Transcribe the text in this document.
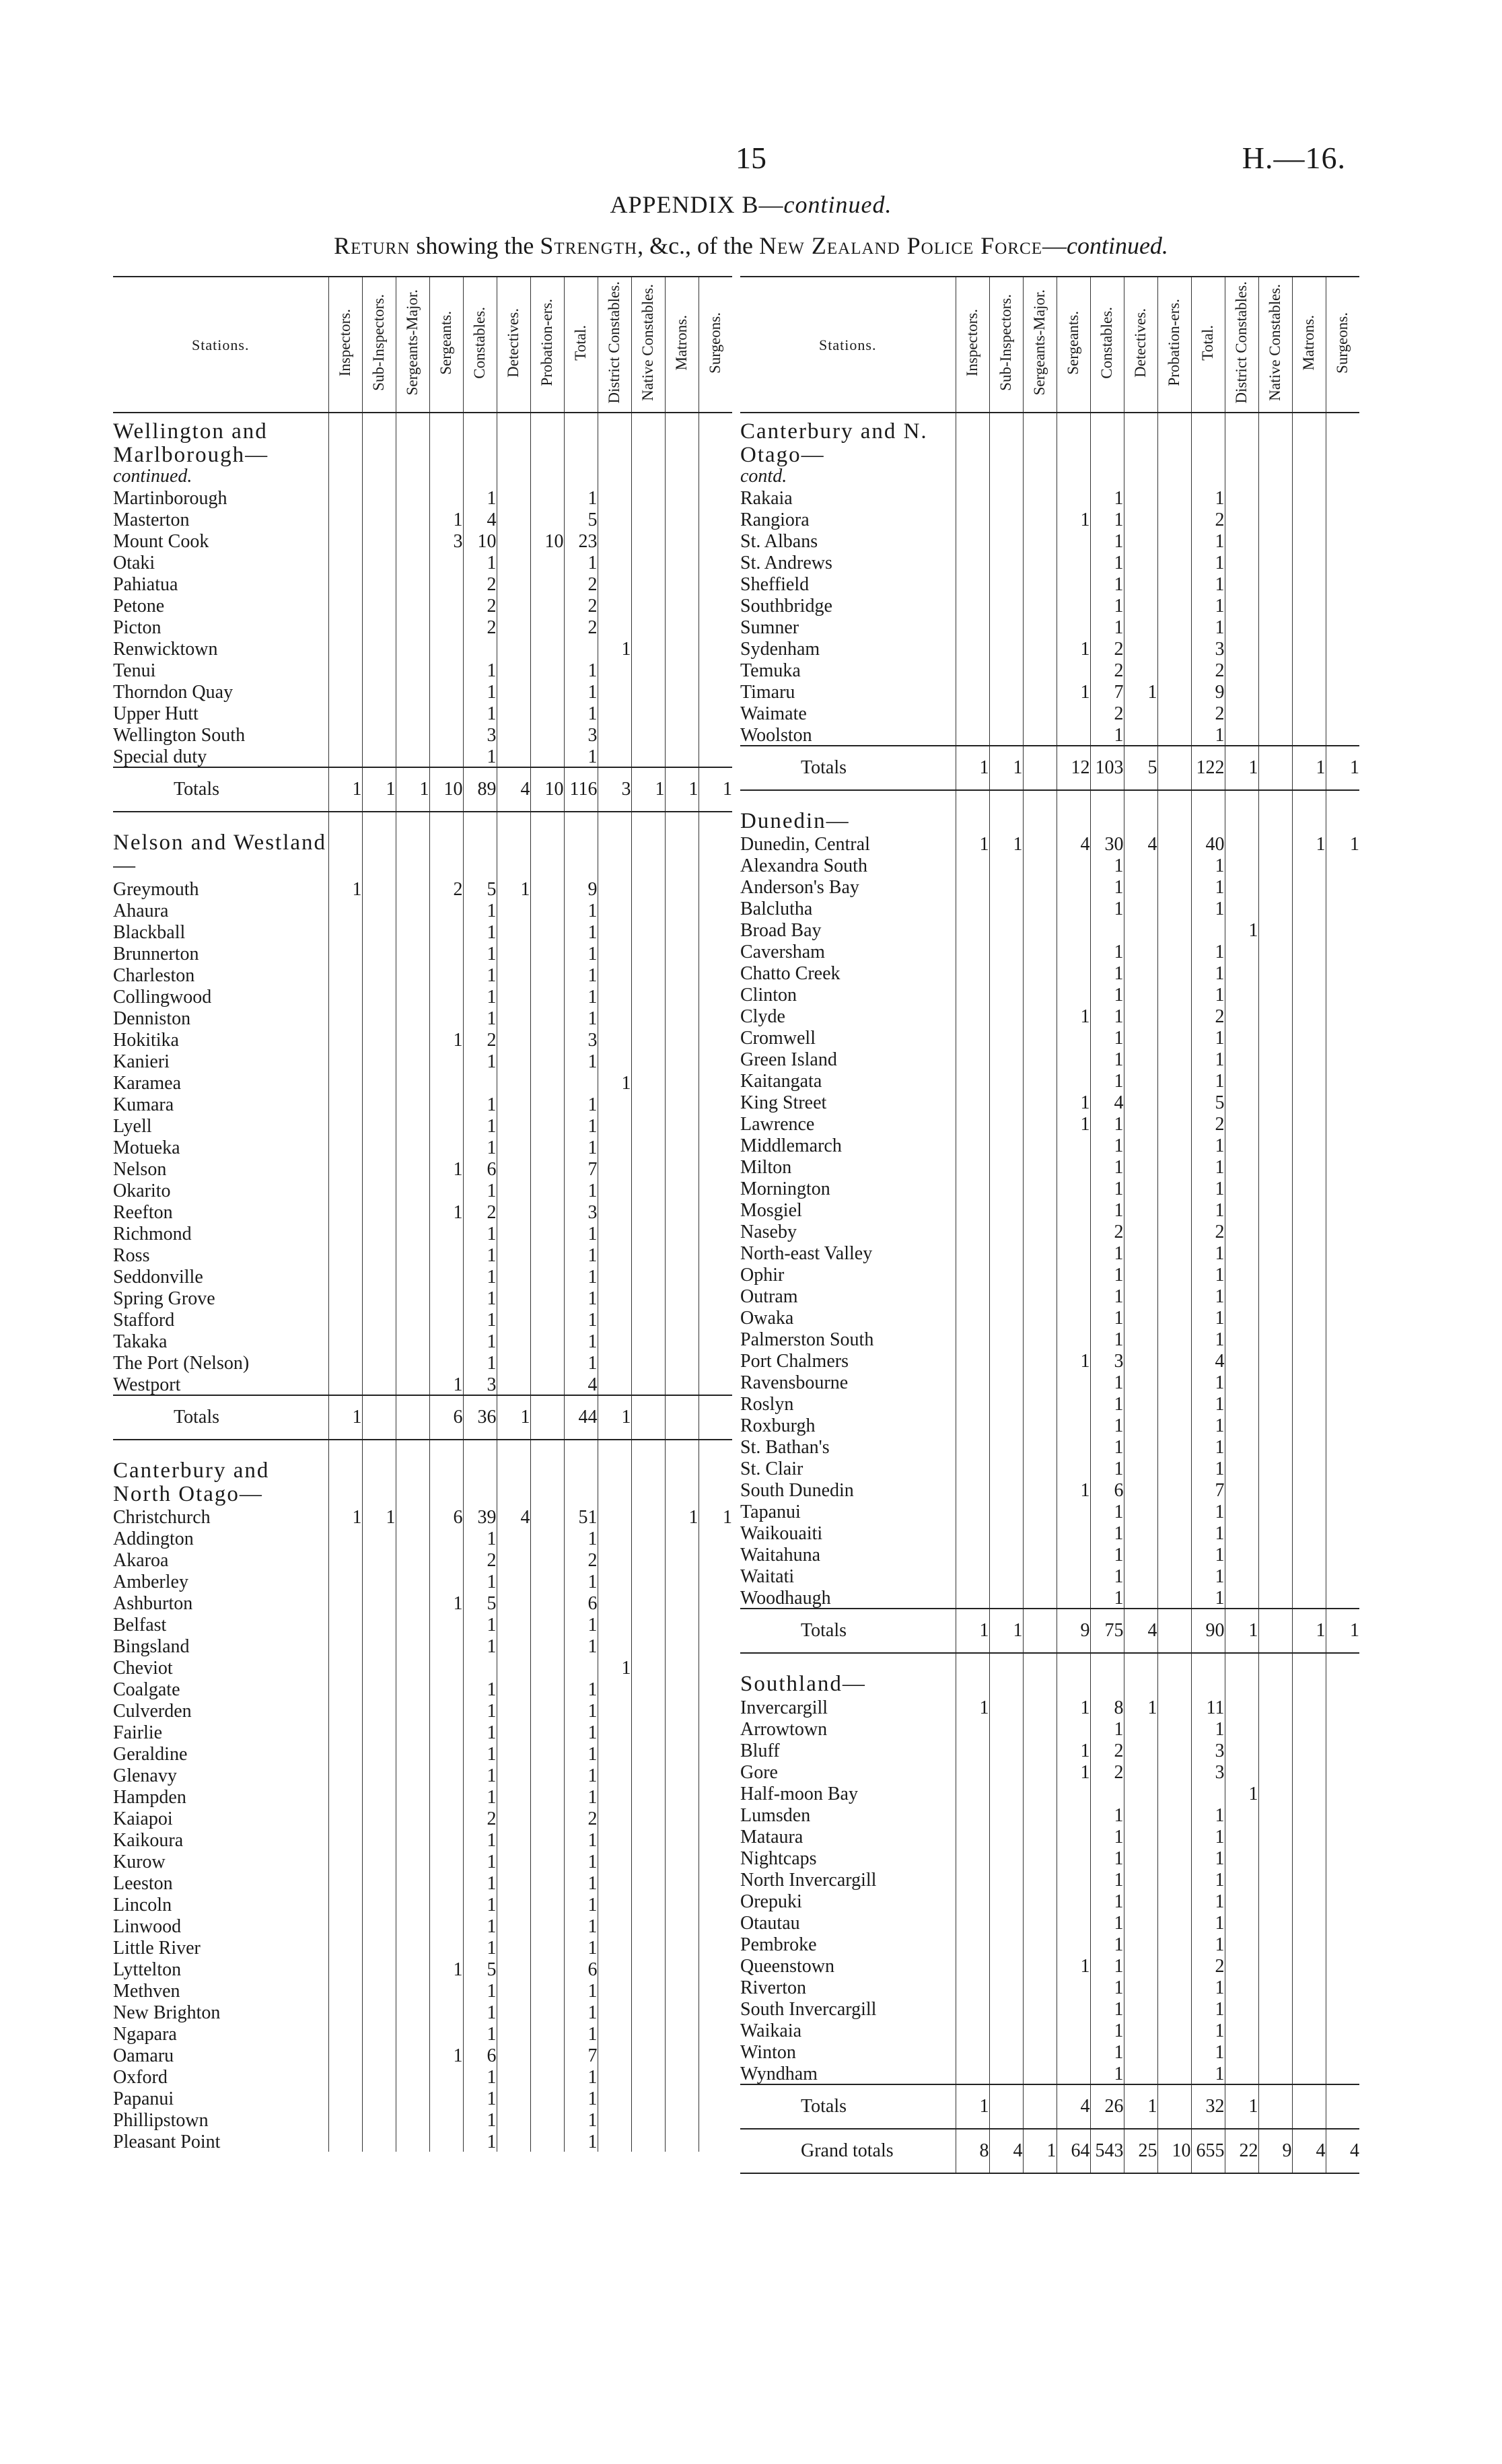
15	H.—16.
APPENDIX B—continued.
Return showing the Strength, &c., of the New Zealand Police Force—continued.
Stations.	Inspectors.	Sub-Inspectors.	Sergeants-Major.	Sergeants.	Constables.	Detectives.	Probation-ers.	Total.	District Constables.	Native Constables.	Matrons.	Surgeons.
Wellington and Marlborough—
continued.												

Martinborough					1			1				
Masterton				1	4			5				
Mount Cook				3	10		10	23				
Otaki					1			1				
Pahiatua					2			2				
Petone					2			2				
Picton					2			2				
Renwicktown									1			
Tenui					1			1				
Thorndon Quay					1			1				
Upper Hutt					1			1				
Wellington South					3			3				
Special duty					1			1				
Totals	1	1	1	10	89	4	10	116	3	1	1	1

Nelson and Westland—												
Greymouth	1			2	5	1		9				
Ahaura					1			1				
Blackball					1			1				
Brunnerton					1			1				
Charleston					1			1				
Collingwood					1			1				
Denniston					1			1				
Hokitika				1	2			3				
Kanieri					1			1				
Karamea									1			
Kumara					1			1				
Lyell					1			1				
Motueka					1			1				
Nelson				1	6			7				
Okarito					1			1				
Reefton				1	2			3				
Richmond					1			1				
Ross					1			1				
Seddonville					1			1				
Spring Grove					1			1				
Stafford					1			1				
Takaka					1			1				
The Port (Nelson)					1			1				
Westport				1	3			4				
Totals	1			6	36	1		44	1			

Canterbury and North Otago—												
Christchurch	1	1		6	39	4		51			1	1
Addington					1			1				
Akaroa					2			2				
Amberley					1			1				
Ashburton				1	5			6				
Belfast					1			1				
Bingsland					1			1				
Cheviot									1			
Coalgate					1			1				
Culverden					1			1				
Fairlie					1			1				
Geraldine					1			1				
Glenavy					1			1				
Hampden					1			1				
Kaiapoi					2			2				
Kaikoura					1			1				
Kurow					1			1				
Leeston					1			1				
Lincoln					1			1				
Linwood					1			1				
Little River					1			1				
Lyttelton				1	5			6				
Methven					1			1				
New Brighton					1			1				
Ngapara					1			1				
Oamaru				1	6			7				
Oxford					1			1				
Papanui					1			1				
Phillipstown					1			1				
Pleasant Point					1			1				
Stations.	Inspectors.	Sub-Inspectors.	Sergeants-Major.	Sergeants.	Constables.	Detectives.	Probation-ers.	Total.	District Constables.	Native Constables.	Matrons.	Surgeons.
Canterbury and N. Otago—
contd.												

Rakaia					1			1				
Rangiora				1	1			2				
St. Albans					1			1				
St. Andrews					1			1				
Sheffield					1			1				
Southbridge					1			1				
Sumner					1			1				
Sydenham				1	2			3				
Temuka					2			2				
Timaru				1	7	1		9				
Waimate					2			2				
Woolston					1			1				
Totals	1	1		12	103	5		122	1		1	1

Dunedin—												
Dunedin, Central	1	1		4	30	4		40			1	1
Alexandra South					1			1				
Anderson's Bay					1			1				
Balclutha					1			1				
Broad Bay									1			
Caversham					1			1				
Chatto Creek					1			1				
Clinton					1			1				
Clyde				1	1			2				
Cromwell					1			1				
Green Island					1			1				
Kaitangata					1			1				
King Street				1	4			5				
Lawrence				1	1			2				
Middlemarch					1			1				
Milton					1			1				
Mornington					1			1				
Mosgiel					1			1				
Naseby					2			2				
North-east Valley					1			1				
Ophir					1			1				
Outram					1			1				
Owaka					1			1				
Palmerston South					1			1				
Port Chalmers				1	3			4				
Ravensbourne					1			1				
Roslyn					1			1				
Roxburgh					1			1				
St. Bathan's					1			1				
St. Clair					1			1				
South Dunedin				1	6			7				
Tapanui					1			1				
Waikouaiti					1			1				
Waitahuna					1			1				
Waitati					1			1				
Woodhaugh					1			1				
Totals	1	1		9	75	4		90	1		1	1

Southland—												
Invercargill	1			1	8	1		11				
Arrowtown					1			1				
Bluff				1	2			3				
Gore				1	2			3				
Half-moon Bay									1			
Lumsden					1			1				
Mataura					1			1				
Nightcaps					1			1				
North Invercargill					1			1				
Orepuki					1			1				
Otautau					1			1				
Pembroke					1			1				
Queenstown				1	1			2				
Riverton					1			1				
South Invercargill					1			1				
Waikaia					1			1				
Winton					1			1				
Wyndham					1			1				
Totals	1			4	26	1		32	1			
Grand totals	8	4	1	64	543	25	10	655	22	9	4	4
